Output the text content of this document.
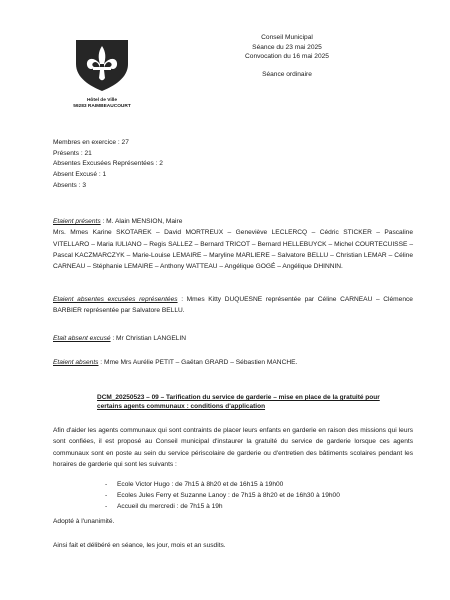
Hôtel de Ville
59283 RAIMBEAUCOURT
Conseil Municipal
Séance du 23 mai 2025
Convocation du 16 mai 2025
Séance ordinaire
Membres en exercice : 27
Présents : 21
Absentes Excusées Représentées : 2
Absent Excusé : 1
Absents : 3
Etaient présents : M. Alain MENSION, Maire
Mrs. Mmes Karine SKOTAREK – David MORTREUX – Geneviève LECLERCQ – Cédric STICKER – Pascaline VITELLARO – Maria IULIANO – Regis SALLEZ – Bernard TRICOT – Bernard HELLEBUYCK – Michel COURTECUISSE – Pascal KACZMARCZYK – Marie-Louise LEMAIRE – Maryline MARLIERE – Salvatore BELLU – Christian LEMAR – Céline CARNEAU – Stéphanie LEMAIRE – Anthony WATTEAU – Angélique GOGÉ – Angélique DHINNIN.
Etaient absentes excusées représentées : Mmes Kitty DUQUESNE représentée par Céline CARNEAU – Clémence BARBIER représentée par Salvatore BELLU.
Etait absent excusé : Mr Christian LANGELIN
Etaient absents : Mme Mrs Aurélie PETIT – Gaëtan GRARD – Sébastien MANCHE.
DCM_20250523 – 09 – Tarification du service de garderie – mise en place de la gratuité pour
certains agents communaux : conditions d'application
Afin d'aider les agents communaux qui sont contraints de placer leurs enfants en garderie en raison des missions qui leurs sont confiées, il est proposé au Conseil municipal d'instaurer la gratuité du service de garderie lorsque ces agents communaux sont en poste au sein du service périscolaire de garderie ou d'entretien des bâtiments scolaires pendant les horaires de garderie qui sont les suivants :
- Ecole Victor Hugo : de 7h15 à 8h20 et de 16h15 à 19h00
- Ecoles Jules Ferry et Suzanne Lanoy : de 7h15 à 8h20 et de 16h30 à 19h00
- Accueil du mercredi : de 7h15 à 19h
Adopté à l'unanimité.
Ainsi fait et délibéré en séance, les jour, mois et an susdits.
